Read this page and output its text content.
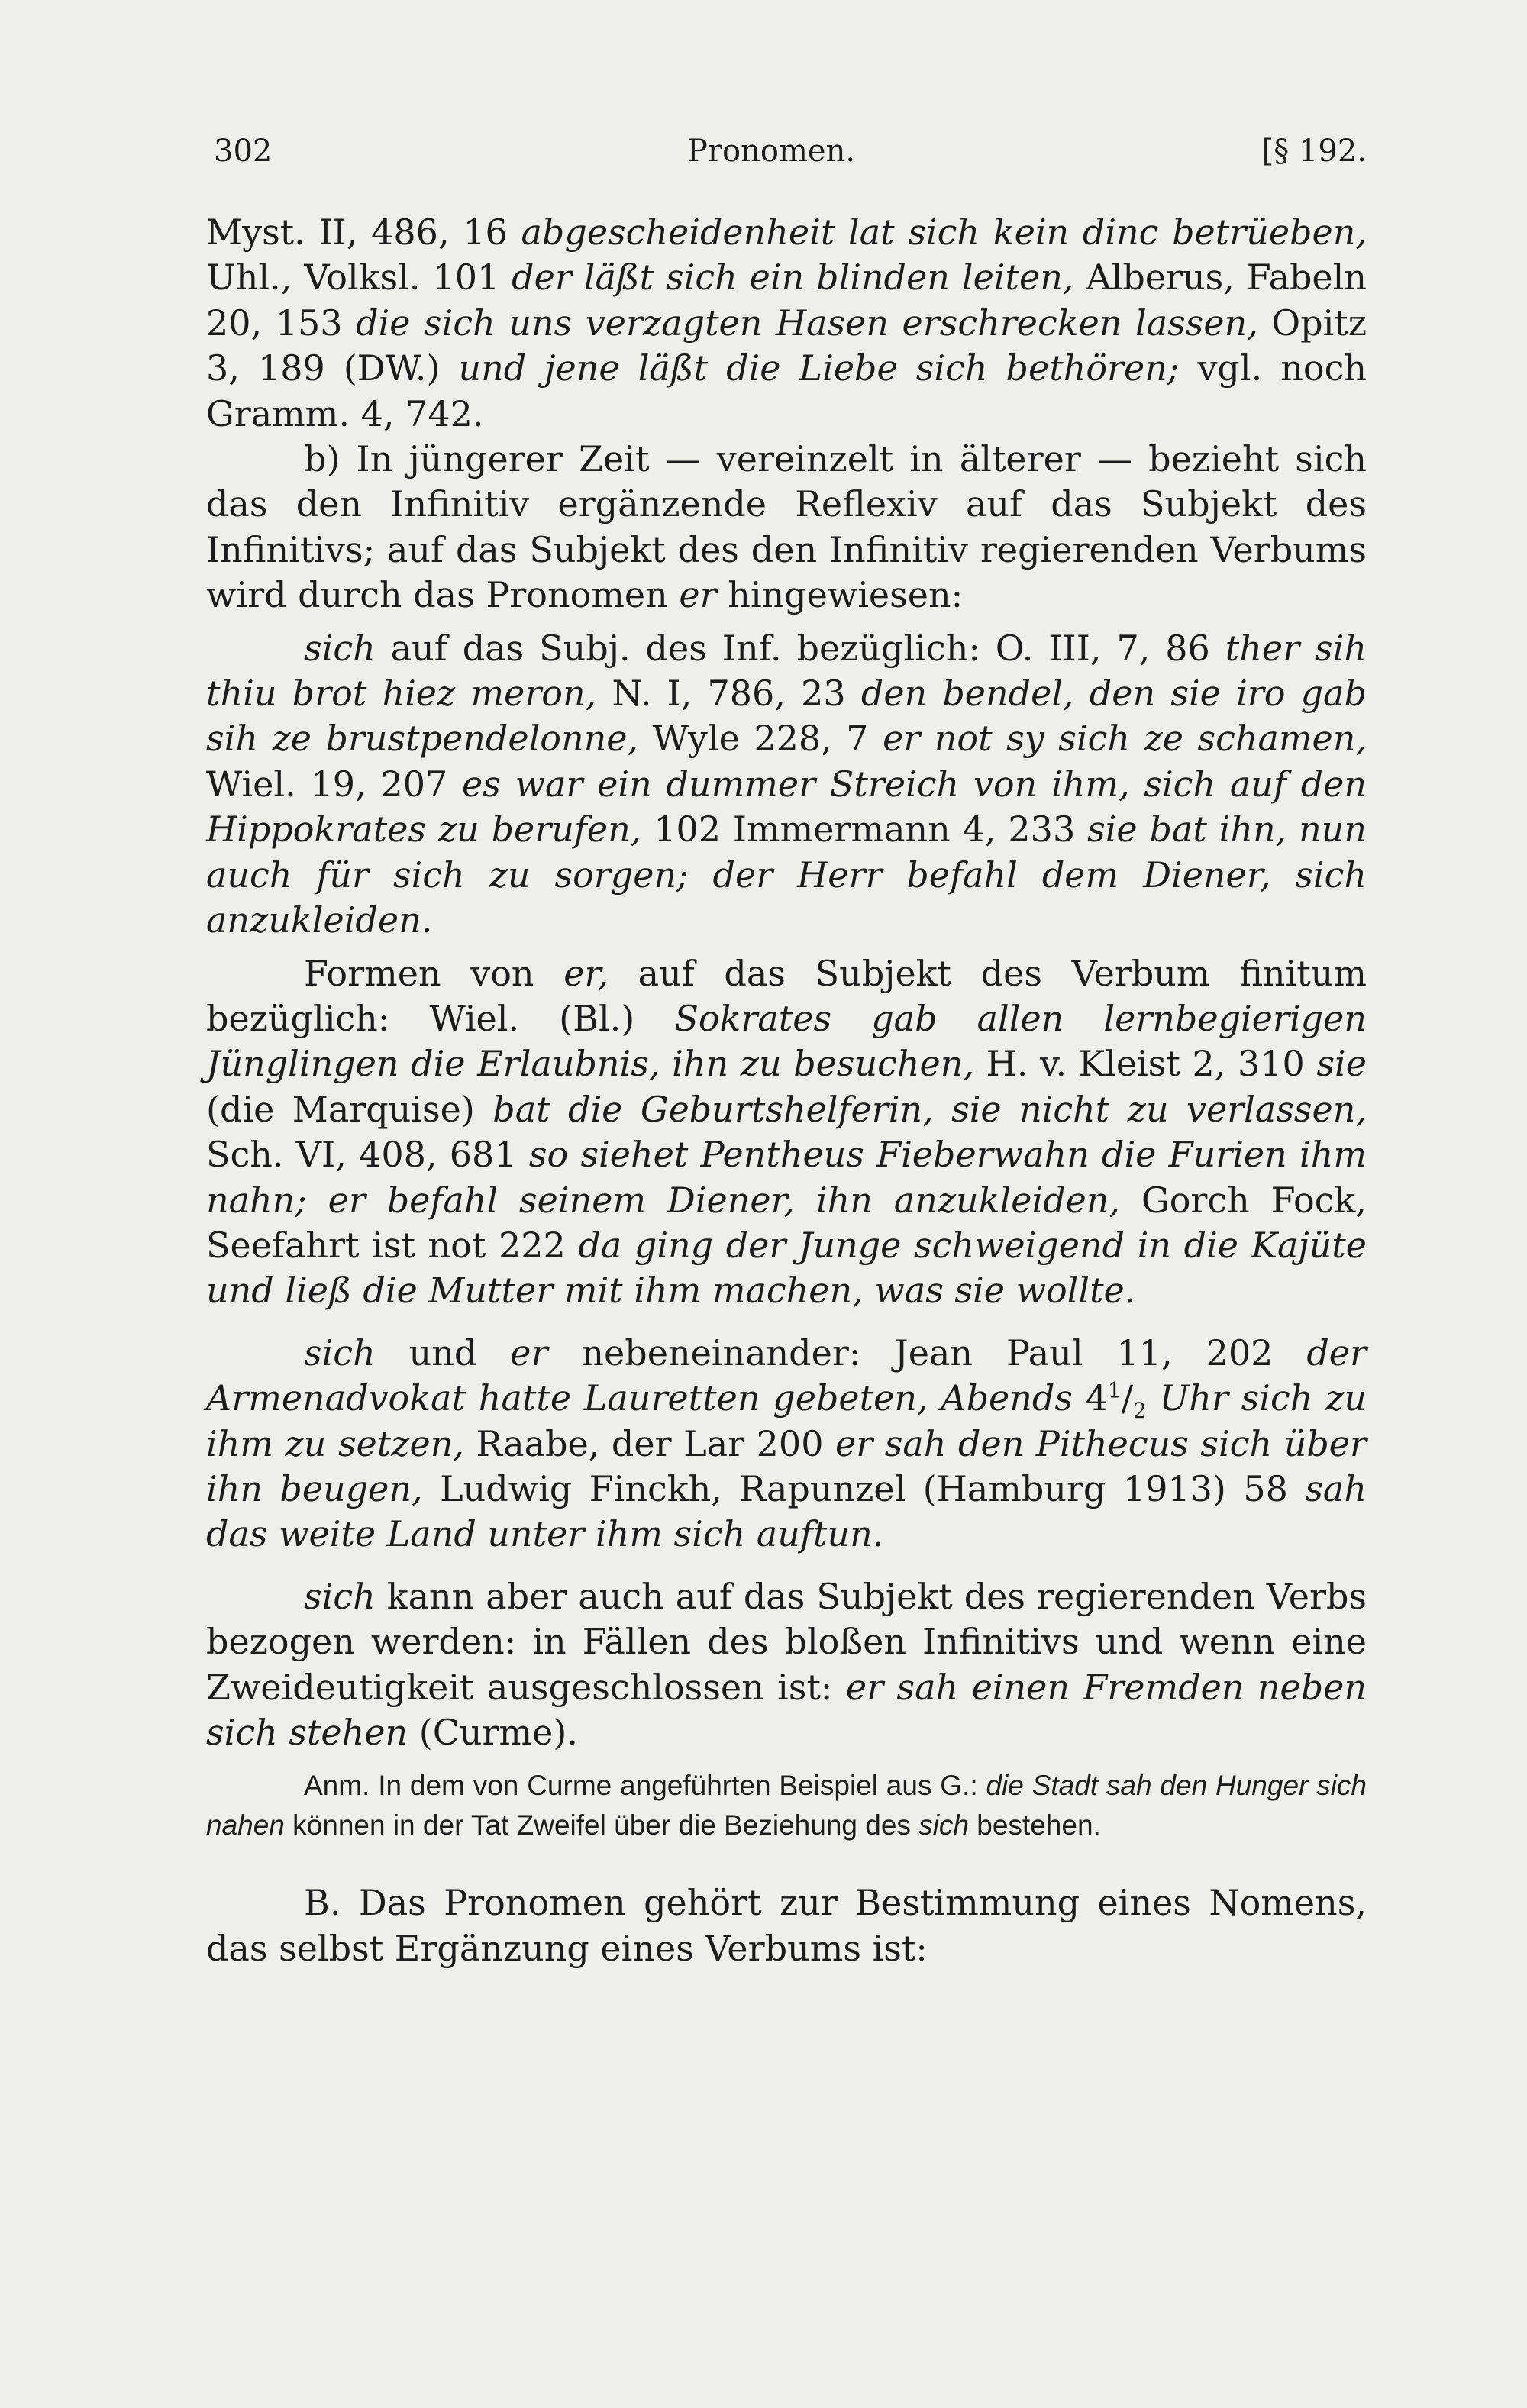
302	Pronomen.	[§ 192.

Myst. II, 486, 16 abgescheidenheit lat sich kein dinc betrüeben, Uhl., Volksl. 101 der läßt sich ein blinden leiten, Alberus, Fabeln 20, 153 die sich uns verzagten Hasen erschrecken lassen, Opitz 3, 189 (DW.) und jene läßt die Liebe sich bethören; vgl. noch Gramm. 4, 742.

b) In jüngerer Zeit — vereinzelt in älterer — bezieht sich das den Infinitiv ergänzende Reflexiv auf das Subjekt des Infinitivs; auf das Subjekt des den Infinitiv regierenden Verbums wird durch das Pronomen er hingewiesen:

sich auf das Subj. des Inf. bezüglich: O. III, 7, 86 ther sih thiu brot hiez meron, N. I, 786, 23 den bendel, den sie iro gab sih ze brustpendelonne, Wyle 228, 7 er not sy sich ze schamen, Wiel. 19, 207 es war ein dummer Streich von ihm, sich auf den Hippokrates zu berufen, 102 Immermann 4, 233 sie bat ihn, nun auch für sich zu sorgen; der Herr befahl dem Diener, sich anzukleiden.

Formen von er, auf das Subjekt des Verbum finitum bezüglich: Wiel. (Bl.) Sokrates gab allen lernbegierigen Jünglingen die Erlaubnis, ihn zu besuchen, H. v. Kleist 2, 310 sie (die Marquise) bat die Geburtshelferin, sie nicht zu verlassen, Sch. VI, 408, 681 so siehet Pentheus Fieberwahn die Furien ihm nahn; er befahl seinem Diener, ihn anzukleiden, Gorch Fock, Seefahrt ist not 222 da ging der Junge schweigend in die Kajüte und ließ die Mutter mit ihm machen, was sie wollte.

sich und er nebeneinander: Jean Paul 11, 202 der Armenadvokat hatte Lauretten gebeten, Abends $4^1/_2$ Uhr sich zu ihm zu setzen, Raabe, der Lar 200 er sah den Pithecus sich über ihn beugen, Ludwig Finckh, Rapunzel (Hamburg 1913) 58 sah das weite Land unter ihm sich auftun.

sich kann aber auch auf das Subjekt des regierenden Verbs bezogen werden: in Fällen des bloßen Infinitivs und wenn eine Zweideutigkeit ausgeschlossen ist: er sah einen Fremden neben sich stehen (Curme).

Anm. In dem von Curme angeführten Beispiel aus G.: die Stadt sah den Hunger sich nahen können in der Tat Zweifel über die Beziehung des sich bestehen.

B. Das Pronomen gehört zur Bestimmung eines Nomens, das selbst Ergänzung eines Verbums ist:
